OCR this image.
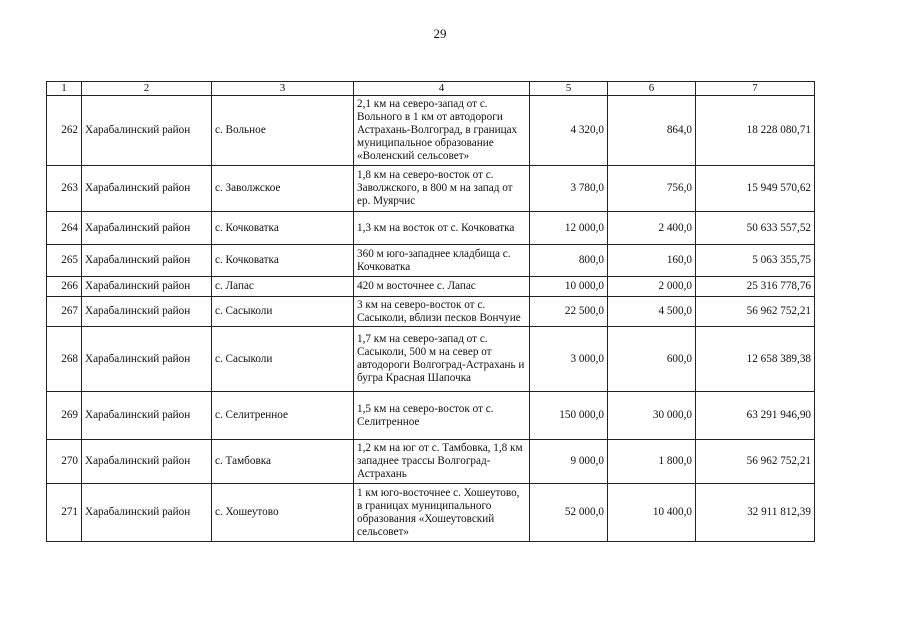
29
1	2	3	4	5	6	7
262	Харабалинский район	с. Вольное	2,1 км на северо-запад от с. Вольного в 1 км от автодороги Астрахань-Волгоград, в границах муниципальное образование «Воленский сельсовет»	4 320,0	864,0	18 228 080,71
263	Харабалинский район	с. Заволжское	1,8 км на северо-восток от с. Заволжского, в 800 м на запад от ер. Муярчис	3 780,0	756,0	15 949 570,62
264	Харабалинский район	с. Кочковатка	1,3 км на восток от с. Кочковатка	12 000,0	2 400,0	50 633 557,52
265	Харабалинский район	с. Кочковатка	360 м юго-западнее кладбища с. Кочковатка	800,0	160,0	5 063 355,75
266	Харабалинский район	с. Лапас	420 м восточнее с. Лапас	10 000,0	2 000,0	25 316 778,76
267	Харабалинский район	с. Сасыколи	3 км на северо-восток от с. Сасыколи, вблизи песков Вончуие	22 500,0	4 500,0	56 962 752,21
268	Харабалинский район	с. Сасыколи	1,7 км на северо-запад от с. Сасыколи, 500 м на север от автодороги Волгоград-Астрахань и бугра Красная Шапочка	3 000,0	600,0	12 658 389,38
269	Харабалинский район	с. Селитренное	1,5 км на северо-восток от с. Селитренное	150 000,0	30 000,0	63 291 946,90
270	Харабалинский район	с. Тамбовка	1,2 км на юг от с. Тамбовка, 1,8 км западнее трассы Волгоград-Астрахань	9 000,0	1 800,0	56 962 752,21
271	Харабалинский район	с. Хошеутово	1 км юго-восточнее с. Хошеутово, в границах муниципального образования «Хошеутовский сельсовет»	52 000,0	10 400,0	32 911 812,39
